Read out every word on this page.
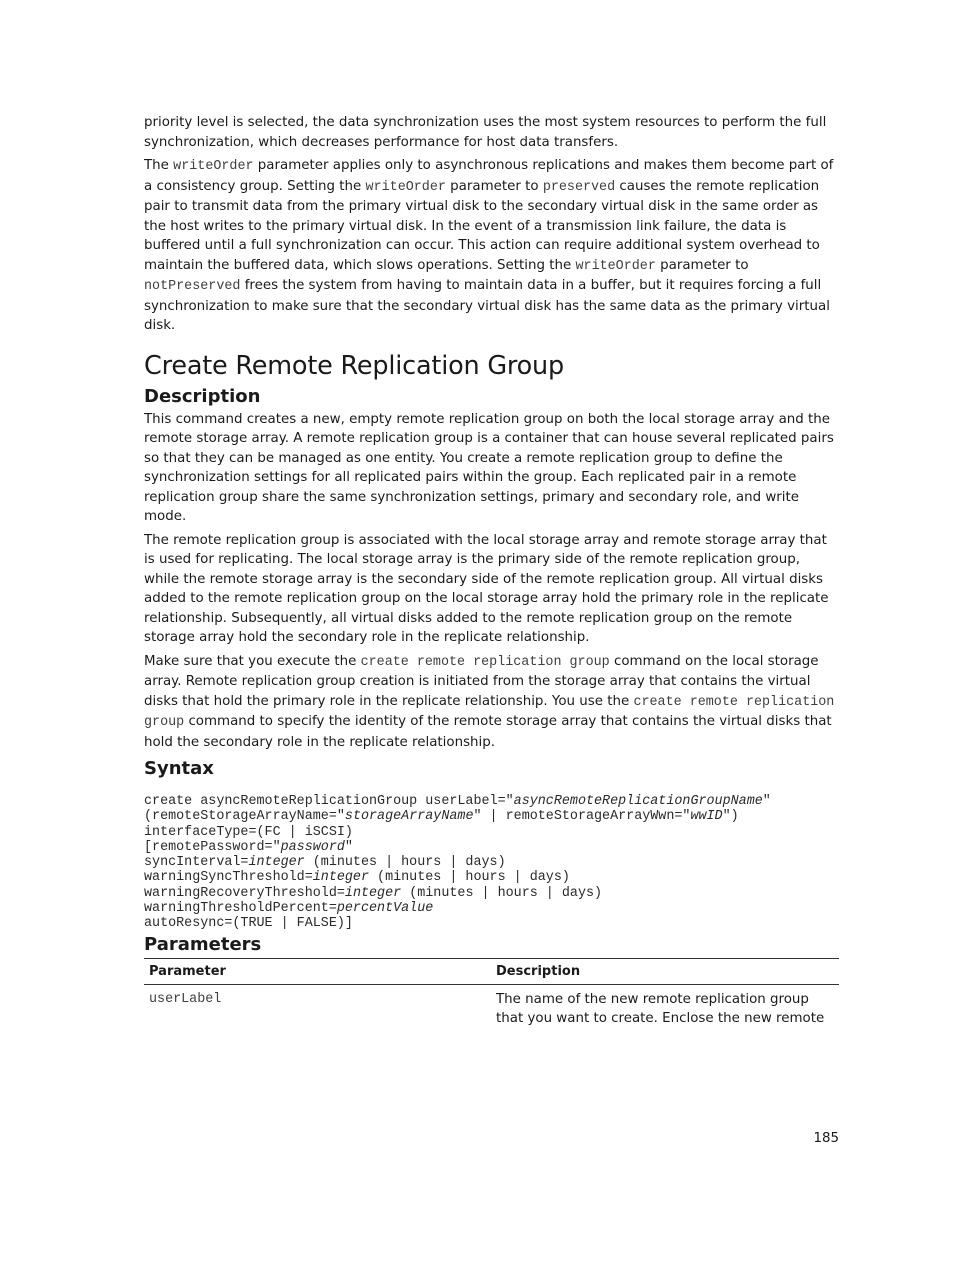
priority level is selected, the data synchronization uses the most system resources to perform the full synchronization, which decreases performance for host data transfers.

The writeOrder parameter applies only to asynchronous replications and makes them become part of a consistency group. Setting the writeOrder parameter to preserved causes the remote replication pair to transmit data from the primary virtual disk to the secondary virtual disk in the same order as the host writes to the primary virtual disk. In the event of a transmission link failure, the data is buffered until a full synchronization can occur. This action can require additional system overhead to maintain the buffered data, which slows operations. Setting the writeOrder parameter to notPreserved frees the system from having to maintain data in a buffer, but it requires forcing a full synchronization to make sure that the secondary virtual disk has the same data as the primary virtual disk.

Create Remote Replication Group
Description

This command creates a new, empty remote replication group on both the local storage array and the remote storage array. A remote replication group is a container that can house several replicated pairs so that they can be managed as one entity. You create a remote replication group to define the synchronization settings for all replicated pairs within the group. Each replicated pair in a remote replication group share the same synchronization settings, primary and secondary role, and write mode.

The remote replication group is associated with the local storage array and remote storage array that is used for replicating. The local storage array is the primary side of the remote replication group, while the remote storage array is the secondary side of the remote replication group. All virtual disks added to the remote replication group on the local storage array hold the primary role in the replicate relationship. Subsequently, all virtual disks added to the remote replication group on the remote storage array hold the secondary role in the replicate relationship.

Make sure that you execute the create remote replication group command on the local storage array. Remote replication group creation is initiated from the storage array that contains the virtual disks that hold the primary role in the replicate relationship. You use the create remote replication group command to specify the identity of the remote storage array that contains the virtual disks that hold the secondary role in the replicate relationship.

Syntax
create asyncRemoteReplicationGroup userLabel="asyncRemoteReplicationGroupName"
(remoteStorageArrayName="storageArrayName" | remoteStorageArrayWwn="wwID")
interfaceType=(FC | iSCSI)
[remotePassword="password"
syncInterval=integer (minutes | hours | days)
warningSyncThreshold=integer (minutes | hours | days)
warningRecoveryThreshold=integer (minutes | hours | days)
warningThresholdPercent=percentValue
autoResync=(TRUE | FALSE)]
Parameters
Parameter	Description
userLabel	The name of the new remote replication group that you want to create. Enclose the new remote
185
